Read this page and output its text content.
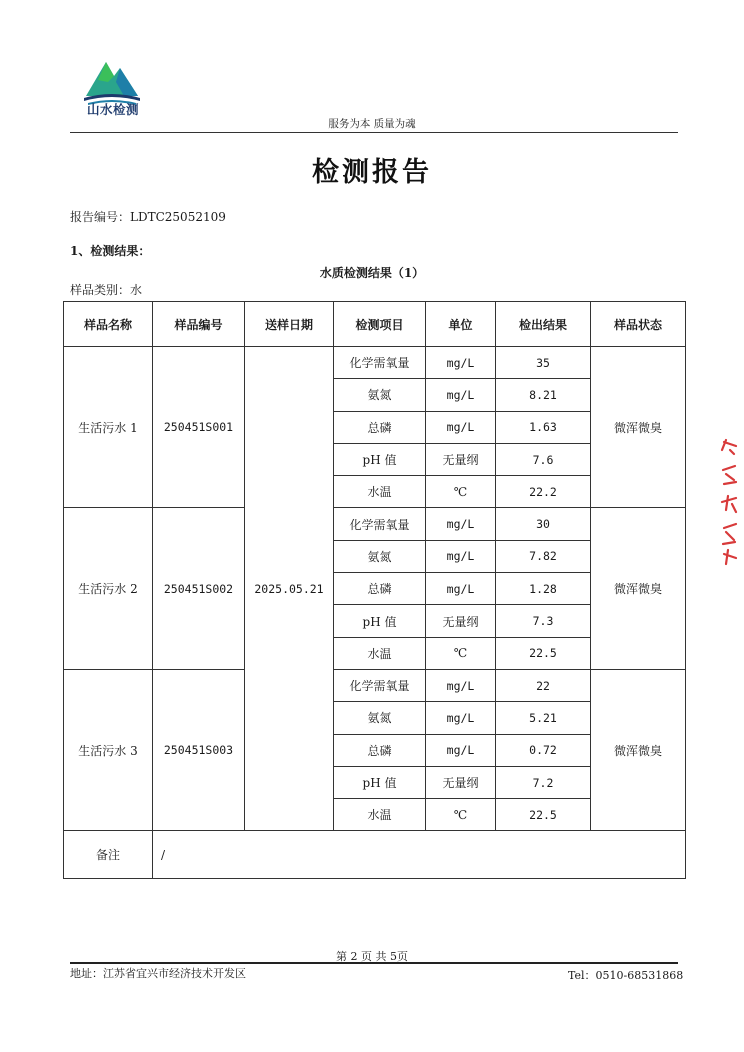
山水检测
服务为本 质量为魂
检测报告
报告编号：LDTC25052109
1、检测结果：
水质检测结果（1）
样品类别：水
样品名称	样品编号	送样日期	检测项目	单位	检出结果	样品状态
生活污水 1	250451S001	2025.05.21	化学需氧量	mg/L	35	微浑微臭
			氨氮	mg/L	8.21	
			总磷	mg/L	1.63	
			pH 值	无量纲	7.6	
			水温	℃	22.2	
生活污水 2	250451S002		化学需氧量	mg/L	30	微浑微臭
			氨氮	mg/L	7.82	
			总磷	mg/L	1.28	
			pH 值	无量纲	7.3	
			水温	℃	22.5	
生活污水 3	250451S003		化学需氧量	mg/L	22	微浑微臭
			氨氮	mg/L	5.21	
			总磷	mg/L	0.72	
			pH 值	无量纲	7.2	
			水温	℃	22.5	
备注	/					
第 2 页 共 5页
地址：江苏省宜兴市经济技术开发区	Tel：0510-68531868
